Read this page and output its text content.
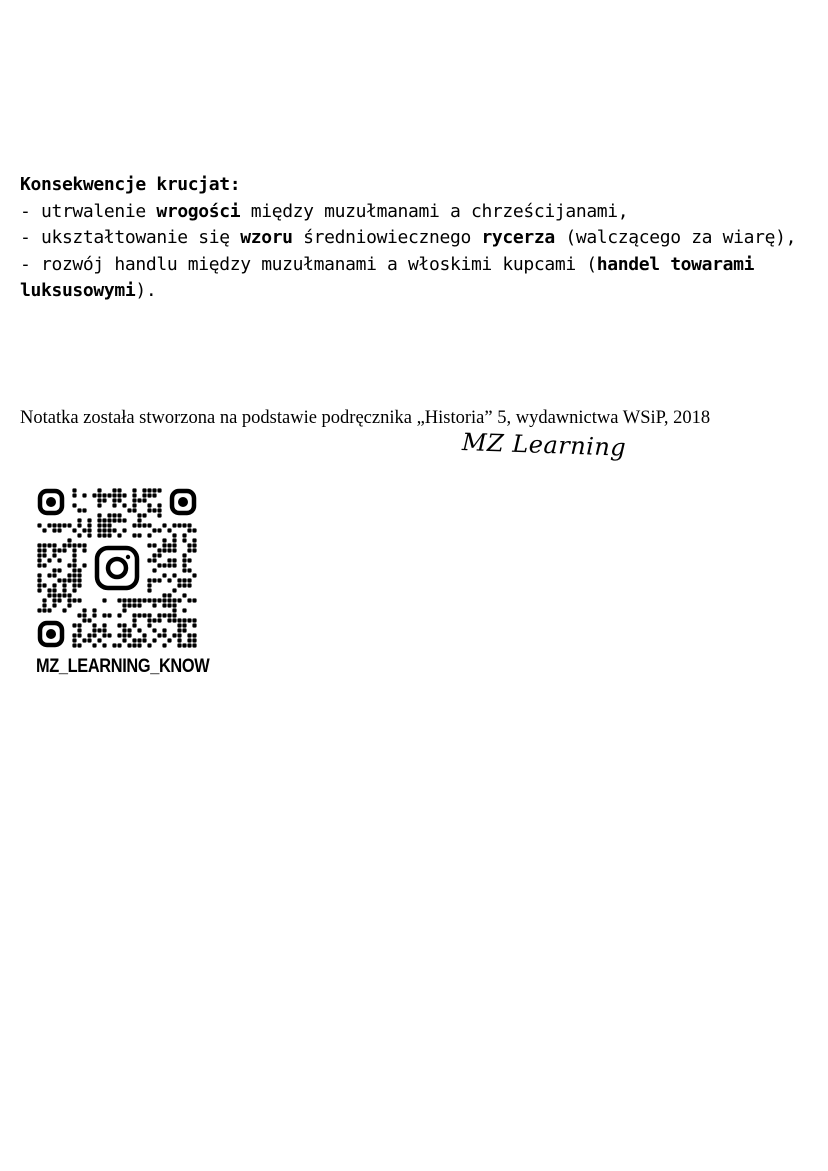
Konsekwencje krucjat:
- utrwalenie wrogości między muzułmanami a chrześcijanami,
- ukształtowanie się wzoru średniowiecznego rycerza (walczącego za wiarę),
- rozwój handlu między muzułmanami a włoskimi kupcami (handel towarami luksusowymi).
Notatka została stworzona na podstawie podręcznika „Historia” 5, wydawnictwa WSiP, 2018
MZ Learning
MZ_LEARNING_KNOW
